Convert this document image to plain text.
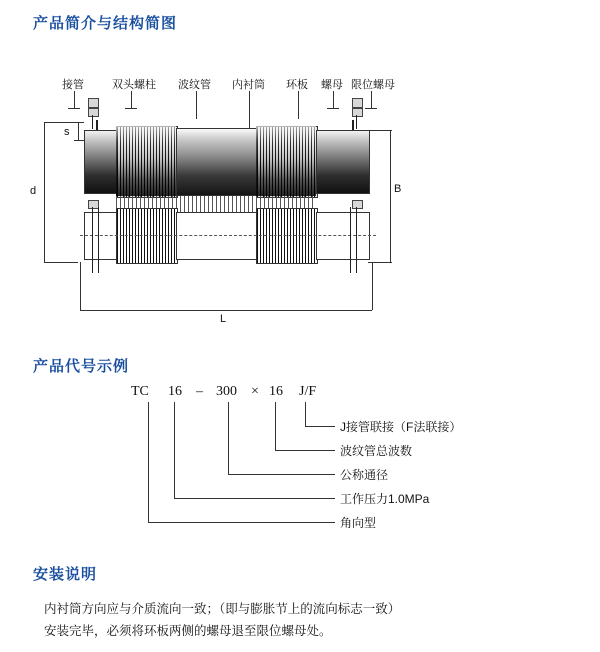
产品简介与结构简图
接管	双头螺柱 波纹管 内衬筒 环板 螺母 限位螺母
s
d	B
L
产品代号示例
TC 16 – 300 × 16 J/F
J接管联接（F法联接）
波纹管总波数
公称通径
工作压力1.0MPa
角向型
安装说明
内衬筒方向应与介质流向一致；（即与膨胀节上的流向标志一致）
安装完毕，必须将环板两侧的螺母退至限位螺母处。
